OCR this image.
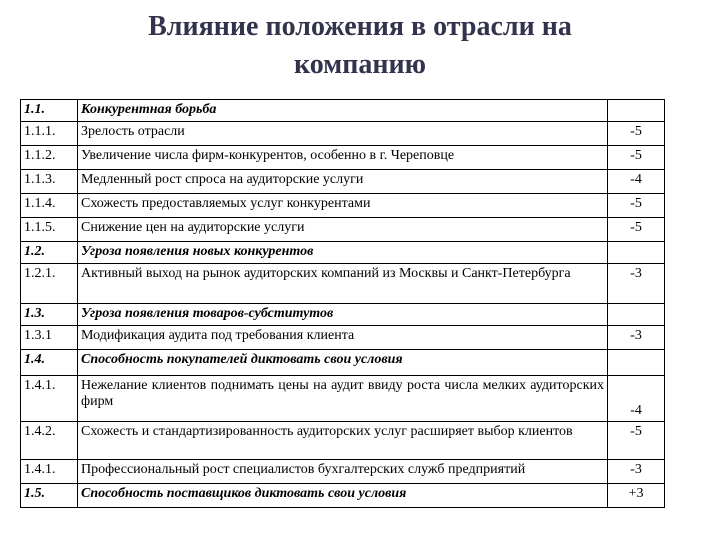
Влияние положения в отрасли на
компанию
1.1.	Конкурентная борьба	
1.1.1.	Зрелость отрасли	-5
1.1.2.	Увеличение числа фирм-конкурентов, особенно в г. Череповце	-5
1.1.3.	Медленный рост спроса на аудиторские услуги	-4
1.1.4.	Схожесть предоставляемых услуг конкурентами	-5
1.1.5.	Снижение цен на аудиторские услуги	-5
1.2.	Угроза появления новых конкурентов	
1.2.1.	Активный выход на рынок аудиторских компаний из Москвы и Санкт-Петербурга	-3
1.3.	Угроза появления товаров-субститутов	
1.3.1	Модификация аудита под требования клиента	-3
1.4.	Способность покупателей диктовать свои условия	
1.4.1.	Нежелание клиентов поднимать цены на аудит ввиду роста числа мелких аудиторских фирм	-4
1.4.2.	Схожесть и стандартизированность аудиторских услуг расширяет выбор клиентов	-5
1.4.1.	Профессиональный рост специалистов бухгалтерских служб предприятий	-3
1.5.	Способность поставщиков диктовать свои условия	+3
